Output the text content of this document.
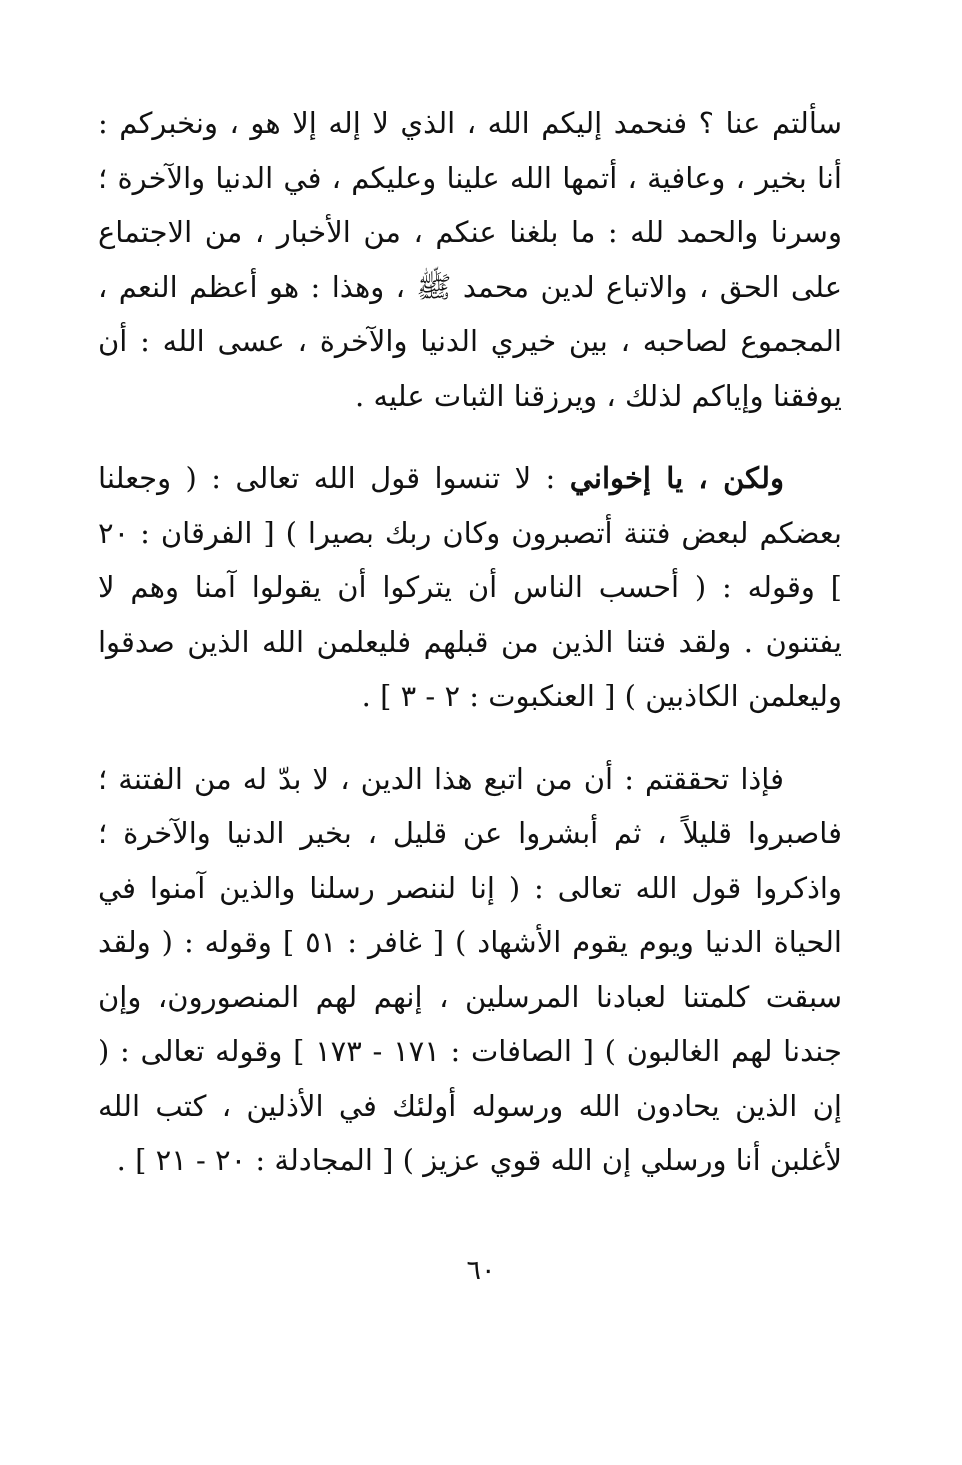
سألتم عنا ؟ فنحمد إليكم الله ، الذي لا إله إلا هو ، ونخبركم : أنا بخير ، وعافية ، أتمها الله علينا وعليكم ، في الدنيا والآخرة ؛ وسرنا والحمد لله : ما بلغنا عنكم ، من الأخبار ، من الاجتماع على الحق ، والاتباع لدين محمد ﷺ ، وهذا : هو أعظم النعم ، المجموع لصاحبه ، بين خيري الدنيا والآخرة ، عسى الله : أن يوفقنا وإياكم لذلك ، ويرزقنا الثبات عليه .

ولكن ، يا إخواني : لا تنسوا قول الله تعالى : ( وجعلنا بعضكم لبعض فتنة أتصبرون وكان ربك بصيرا ) [ الفرقان : ٢٠ ] وقوله : ( أحسب الناس أن يتركوا أن يقولوا آمنا وهم لا يفتنون . ولقد فتنا الذين من قبلهم فليعلمن الله الذين صدقوا وليعلمن الكاذبين ) [ العنكبوت : ٢ - ٣ ] .

فإذا تحققتم : أن من اتبع هذا الدين ، لا بدّ له من الفتنة ؛ فاصبروا قليلاً ، ثم أبشروا عن قليل ، بخير الدنيا والآخرة ؛ واذكروا قول الله تعالى : ( إنا لننصر رسلنا والذين آمنوا في الحياة الدنيا ويوم يقوم الأشهاد ) [ غافر : ٥١ ] وقوله : ( ولقد سبقت كلمتنا لعبادنا المرسلين ، إنهم لهم المنصورون، وإن جندنا لهم الغالبون ) [ الصافات : ١٧١ - ١٧٣ ] وقوله تعالى : ( إن الذين يحادون الله ورسوله أولئك في الأذلين ، كتب الله لأغلبن أنا ورسلي إن الله قوي عزيز ) [ المجادلة : ٢٠ - ٢١ ] .

٦٠
